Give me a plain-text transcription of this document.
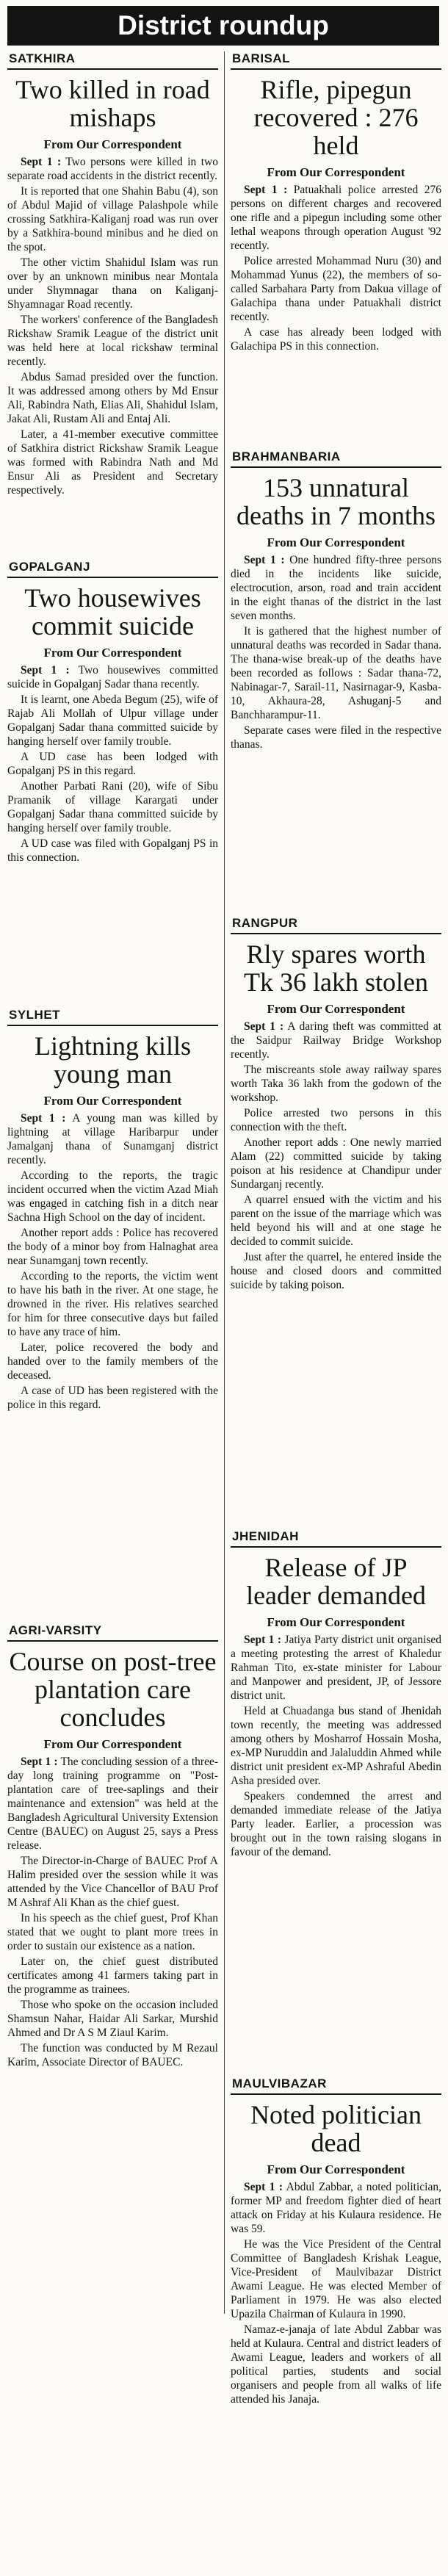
District roundup
SATKHIRA
Two killed in road mishaps
From Our Correspondent

Sept 1 : Two persons were killed in two separate road accidents in the district recently.

It is reported that one Shahin Babu (4), son of Abdul Majid of village Palashpole while crossing Satkhira-Kaliganj road was run over by a Satkhira-bound minibus and he died on the spot.

The other victim Shahidul Islam was run over by an unknown minibus near Montala under Shymnagar thana on Kaliganj-Shyamnagar Road recently.

The workers' conference of the Bangladesh Rickshaw Sramik League of the district unit was held here at local rickshaw terminal recently.

Abdus Samad presided over the function. It was addressed among others by Md Ensur Ali, Rabindra Nath, Elias Ali, Shahidul Islam, Jakat Ali, Rustam Ali and Entaj Ali.

Later, a 41-member executive committee of Satkhira district Rickshaw Sramik League was formed with Rabindra Nath and Md Ensur Ali as President and Secretary respectively.

GOPALGANJ
Two housewives commit suicide
From Our Correspondent

Sept 1 : Two housewives committed suicide in Gopalganj Sadar thana recently.

It is learnt, one Abeda Begum (25), wife of Rajab Ali Mollah of Ulpur village under Gopalganj Sadar thana committed suicide by hanging herself over family trouble.

A UD case has been lodged with Gopalganj PS in this regard.

Another Parbati Rani (20), wife of Sibu Pramanik of village Karargati under Gopalganj Sadar thana committed suicide by hanging herself over family trouble.

A UD case was filed with Gopalganj PS in this connection.

SYLHET
Lightning kills young man
From Our Correspondent

Sept 1 : A young man was killed by lightning at village Haribarpur under Jamalganj thana of Sunamganj district recently.

According to the reports, the tragic incident occurred when the victim Azad Miah was engaged in catching fish in a ditch near Sachna High School on the day of incident.

Another report adds : Police has recovered the body of a minor boy from Halnaghat area near Sunamganj town recently.

According to the reports, the victim went to have his bath in the river. At one stage, he drowned in the river. His relatives searched for him for three consecutive days but failed to have any trace of him.

Later, police recovered the body and handed over to the family members of the deceased.

A case of UD has been registered with the police in this regard.

AGRI-VARSITY
Course on post-tree plantation care concludes
From Our Correspondent

Sept 1 : The concluding session of a three-day long training programme on "Post-plantation care of tree-saplings and their maintenance and extension" was held at the Bangladesh Agricultural University Extension Centre (BAUEC) on August 25, says a Press release.

The Director-in-Charge of BAUEC Prof A Halim presided over the session while it was attended by the Vice Chancellor of BAU Prof M Ashraf Ali Khan as the chief guest.

In his speech as the chief guest, Prof Khan stated that we ought to plant more trees in order to sustain our existence as a nation.

Later on, the chief guest distributed certificates among 41 farmers taking part in the programme as trainees.

Those who spoke on the occasion included Shamsun Nahar, Haidar Ali Sarkar, Murshid Ahmed and Dr A S M Ziaul Karim.

The function was conducted by M Rezaul Karim, Associate Director of BAUEC.

BARISAL
Rifle, pipegun recovered : 276 held
From Our Correspondent

Sept 1 : Patuakhali police arrested 276 persons on different charges and recovered one rifle and a pipegun including some other lethal weapons through operation August '92 recently.

Police arrested Mohammad Nuru (30) and Mohammad Yunus (22), the members of so-called Sarbahara Party from Dakua village of Galachipa thana under Patuakhali district recently.

A case has already been lodged with Galachipa PS in this connection.

BRAHMANBARIA
153 unnatural deaths in 7 months
From Our Correspondent

Sept 1 : One hundred fifty-three persons died in the incidents like suicide, electrocution, arson, road and train accident in the eight thanas of the district in the last seven months.

It is gathered that the highest number of unnatural deaths was recorded in Sadar thana. The thana-wise break-up of the deaths have been recorded as follows : Sadar thana-72, Nabinagar-7, Sarail-11, Nasirnagar-9, Kasba-10, Akhaura-28, Ashuganj-5 and Banchharampur-11.

Separate cases were filed in the respective thanas.

RANGPUR
Rly spares worth Tk 36 lakh stolen
From Our Correspondent

Sept 1 : A daring theft was committed at the Saidpur Railway Bridge Workshop recently.

The miscreants stole away railway spares worth Taka 36 lakh from the godown of the workshop.

Police arrested two persons in this connection with the theft.

Another report adds : One newly married Alam (22) committed suicide by taking poison at his residence at Chandipur under Sundarganj recently.

A quarrel ensued with the victim and his parent on the issue of the marriage which was held beyond his will and at one stage he decided to commit suicide.

Just after the quarrel, he entered inside the house and closed doors and committed suicide by taking poison.

JHENIDAH
Release of JP leader demanded
From Our Correspondent

Sept 1 : Jatiya Party district unit organised a meeting protesting the arrest of Khaledur Rahman Tito, ex-state minister for Labour and Manpower and president, JP, of Jessore district unit.

Held at Chuadanga bus stand of Jhenidah town recently, the meeting was addressed among others by Mosharrof Hossain Mosha, ex-MP Nuruddin and Jalaluddin Ahmed while district unit president ex-MP Ashraful Abedin Asha presided over.

Speakers condemned the arrest and demanded immediate release of the Jatiya Party leader. Earlier, a procession was brought out in the town raising slogans in favour of the demand.

MAULVIBAZAR
Noted politician dead
From Our Correspondent

Sept 1 : Abdul Zabbar, a noted politician, former MP and freedom fighter died of heart attack on Friday at his Kulaura residence. He was 59.

He was the Vice President of the Central Committee of Bangladesh Krishak League, Vice-President of Maulvibazar District Awami League. He was elected Member of Parliament in 1979. He was also elected Upazila Chairman of Kulaura in 1990.

Namaz-e-janaja of late Abdul Zabbar was held at Kulaura. Central and district leaders of Awami League, leaders and workers of all political parties, students and social organisers and people from all walks of life attended his Janaja.
